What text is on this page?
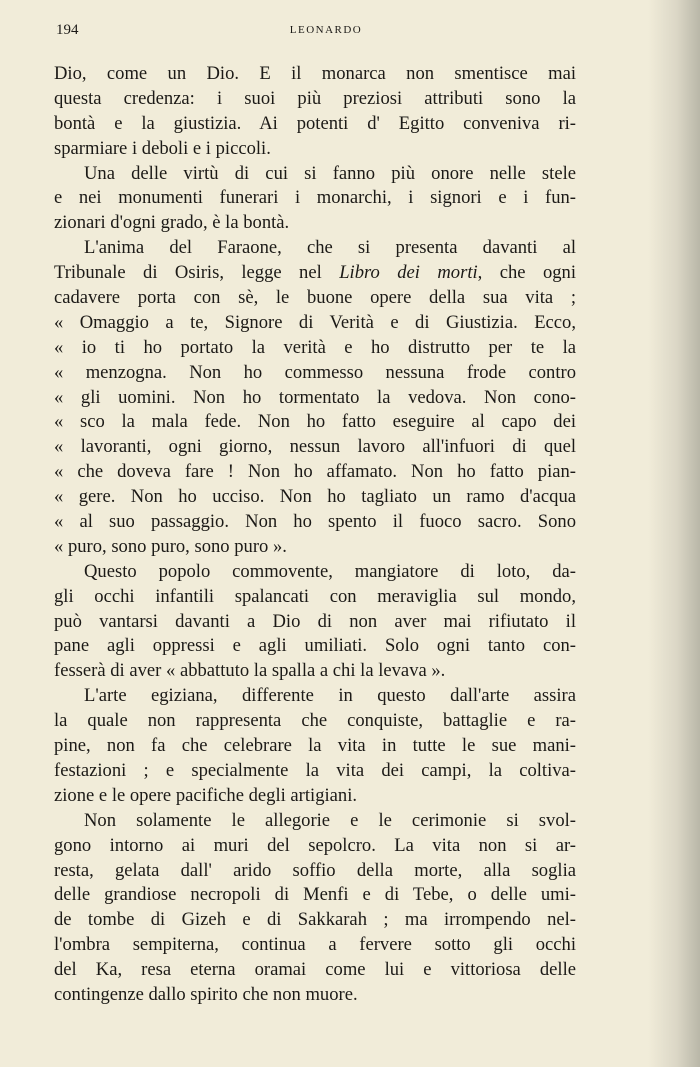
194	LEONARDO
Dio, come un Dio. E il monarca non smentisce mai
questa credenza: i suoi più preziosi attributi sono la
bontà e la giustizia. Ai potenti d' Egitto conveniva ri-
sparmiare i deboli e i piccoli.
Una delle virtù di cui si fanno più onore nelle stele
e nei monumenti funerari i monarchi, i signori e i fun-
zionari d'ogni grado, è la bontà.
L'anima del Faraone, che si presenta davanti al
Tribunale di Osiris, legge nel Libro dei morti, che ogni
cadavere porta con sè, le buone opere della sua vita ;
« Omaggio a te, Signore di Verità e di Giustizia. Ecco,
« io ti ho portato la verità e ho distrutto per te la
« menzogna. Non ho commesso nessuna frode contro
« gli uomini. Non ho tormentato la vedova. Non cono-
« sco la mala fede. Non ho fatto eseguire al capo dei
« lavoranti, ogni giorno, nessun lavoro all'infuori di quel
« che doveva fare ! Non ho affamato. Non ho fatto pian-
« gere. Non ho ucciso. Non ho tagliato un ramo d'acqua
« al suo passaggio. Non ho spento il fuoco sacro. Sono
« puro, sono puro, sono puro ».
Questo popolo commovente, mangiatore di loto, da-
gli occhi infantili spalancati con meraviglia sul mondo,
può vantarsi davanti a Dio di non aver mai rifiutato il
pane agli oppressi e agli umiliati. Solo ogni tanto con-
fesserà di aver « abbattuto la spalla a chi la levava ».
L'arte egiziana, differente in questo dall'arte assira
la quale non rappresenta che conquiste, battaglie e ra-
pine, non fa che celebrare la vita in tutte le sue mani-
festazioni ; e specialmente la vita dei campi, la coltiva-
zione e le opere pacifiche degli artigiani.
Non solamente le allegorie e le cerimonie si svol-
gono intorno ai muri del sepolcro. La vita non si ar-
resta, gelata dall' arido soffio della morte, alla soglia
delle grandiose necropoli di Menfi e di Tebe, o delle umi-
de tombe di Gizeh e di Sakkarah ; ma irrompendo nel-
l'ombra sempiterna, continua a fervere sotto gli occhi
del Ka, resa eterna oramai come lui e vittoriosa delle
contingenze dallo spirito che non muore.
